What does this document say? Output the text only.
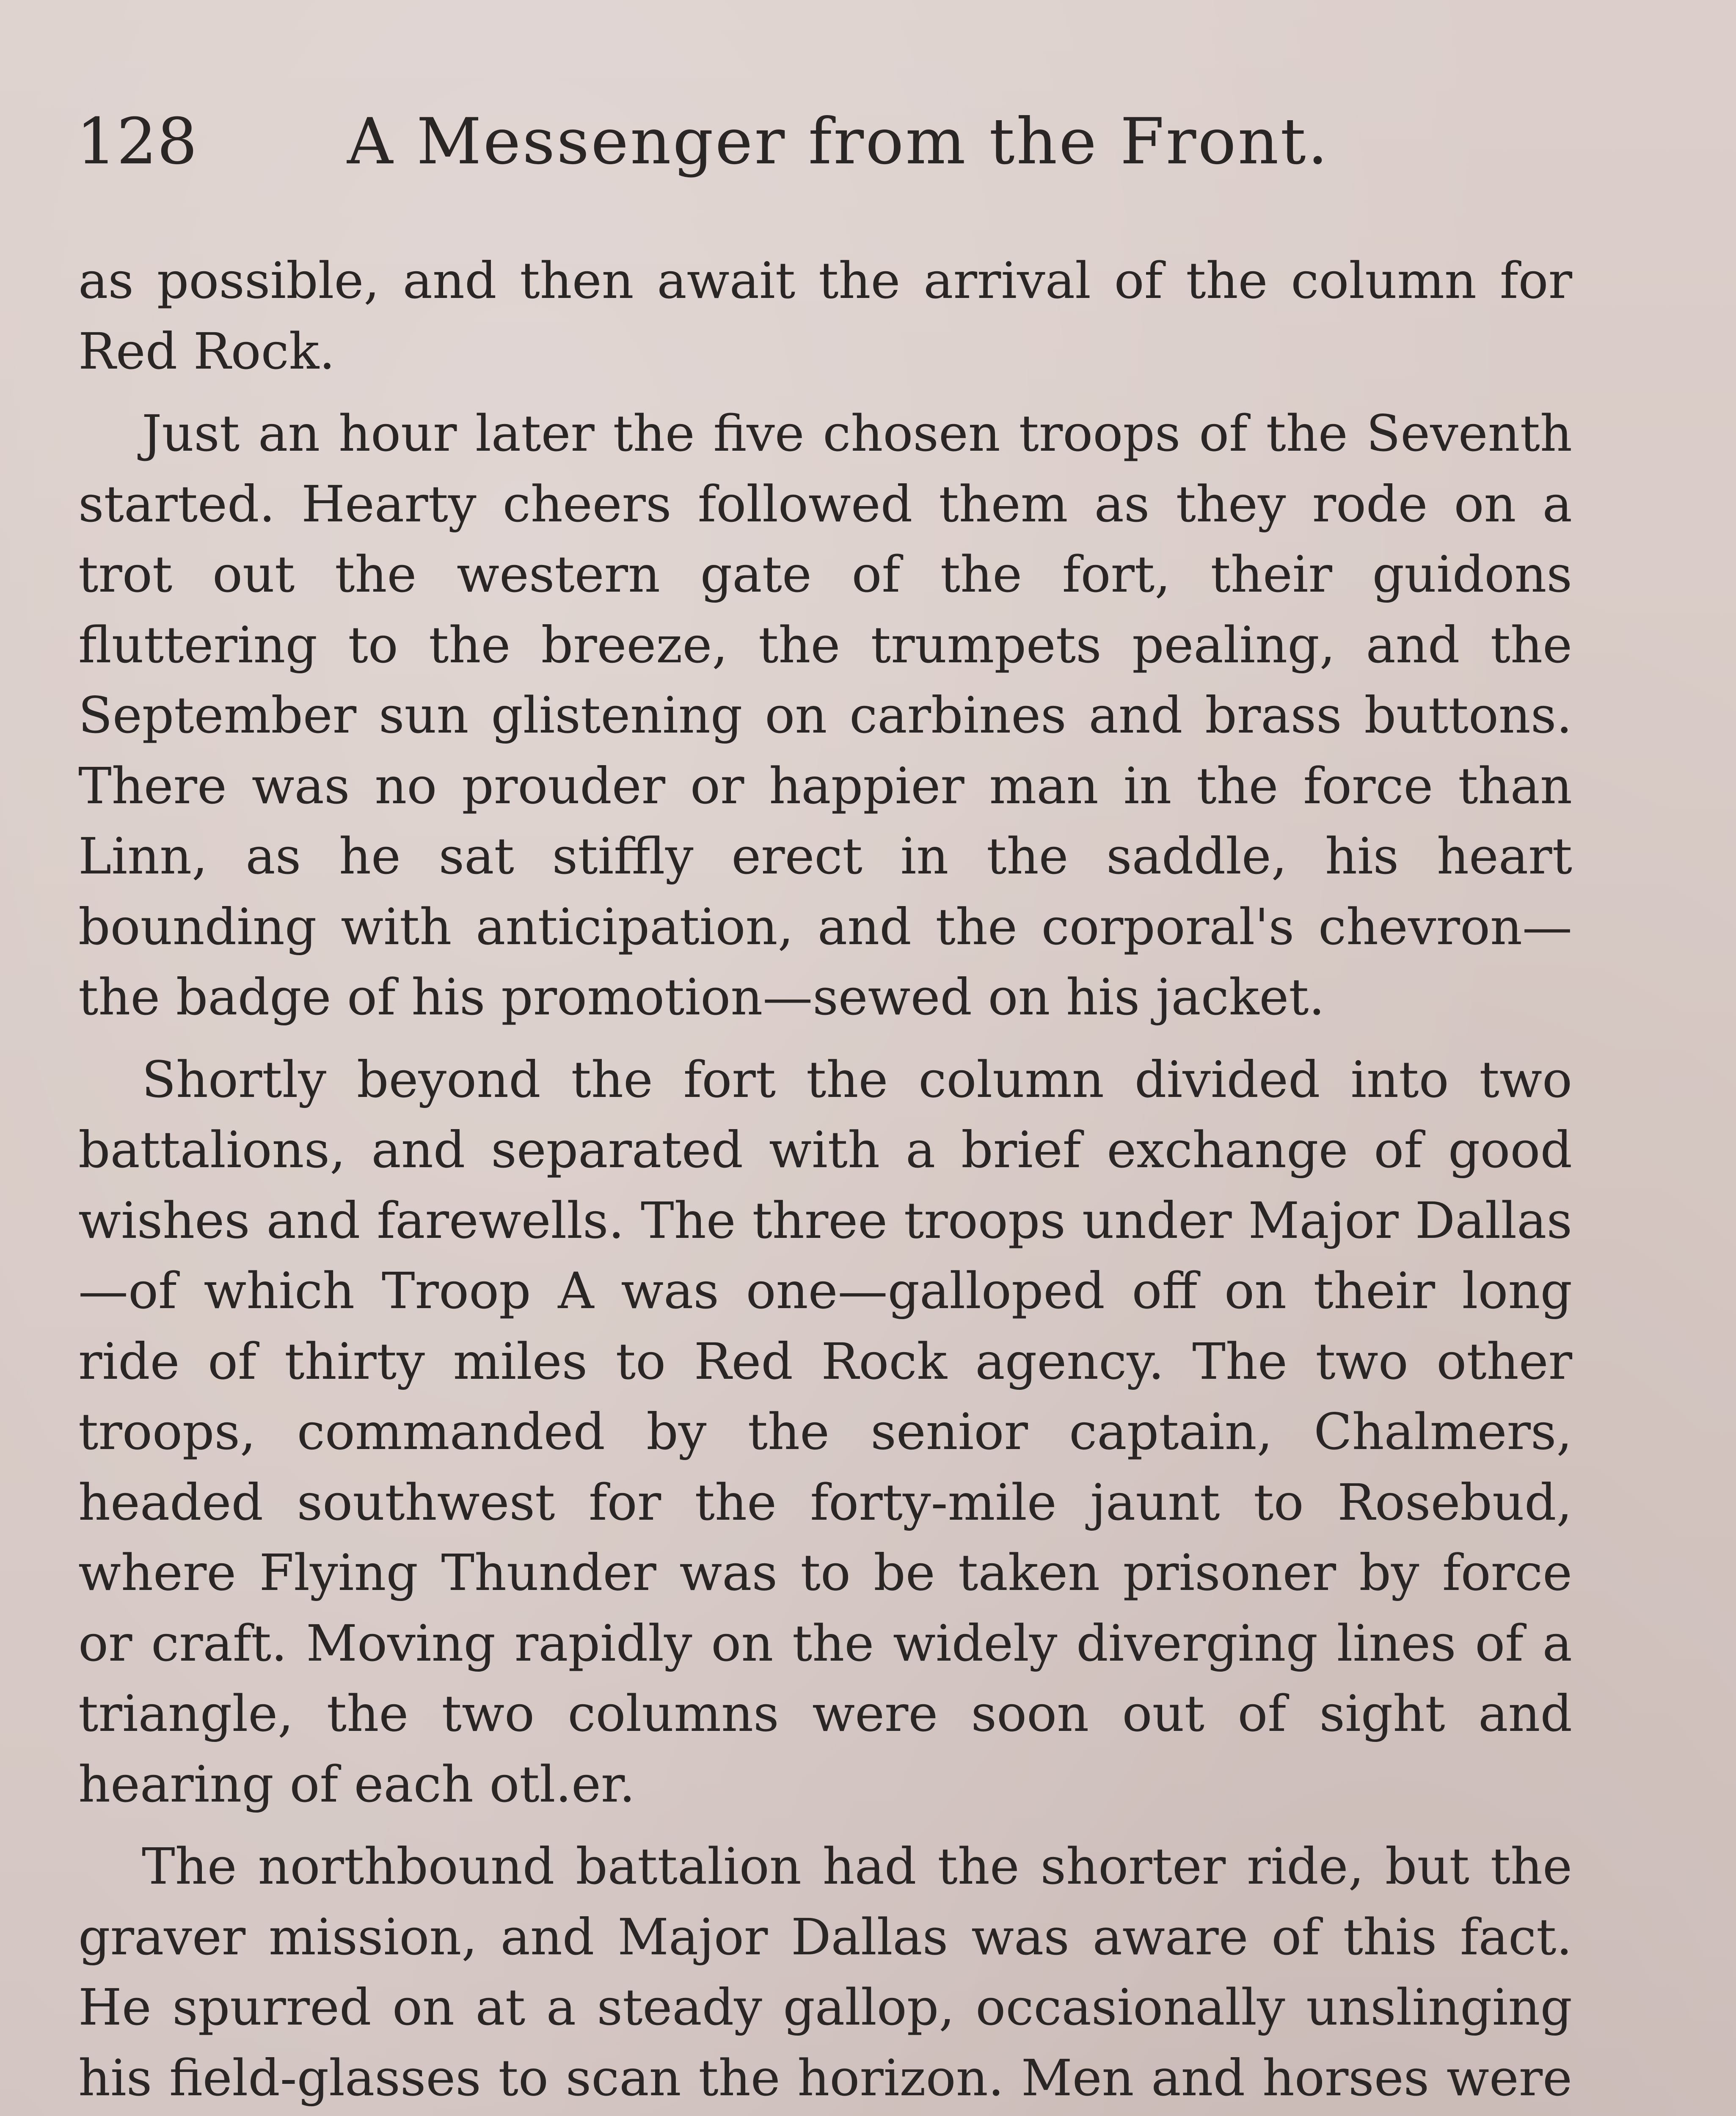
128 A Messenger from the Front.

as possible, and then await the arrival of the column for Red Rock.

Just an hour later the five chosen troops of the Seventh started. Hearty cheers followed them as they rode on a trot out the western gate of the fort, their guidons fluttering to the breeze, the trumpets pealing, and the September sun glistening on carbines and brass buttons. There was no prouder or happier man in the force than Linn, as he sat stiffly erect in the saddle, his heart bounding with anticipation, and the corporal's chevron—the badge of his promotion—sewed on his jacket.

Shortly beyond the fort the column divided into two battalions, and separated with a brief exchange of good wishes and farewells. The three troops under Major Dallas—of which Troop A was one—galloped off on their long ride of thirty miles to Red Rock agency. The two other troops, commanded by the senior captain, Chalmers, headed southwest for the forty-mile jaunt to Rosebud, where Flying Thunder was to be taken prisoner by force or craft. Moving rapidly on the widely diverging lines of a triangle, the two columns were soon out of sight and hearing of each otl.er.

The northbound battalion had the shorter ride, but the graver mission, and Major Dallas was aware of this fact. He spurred on at a steady gallop, occasionally unslinging his field-glasses to scan the horizon. Men and horses were
